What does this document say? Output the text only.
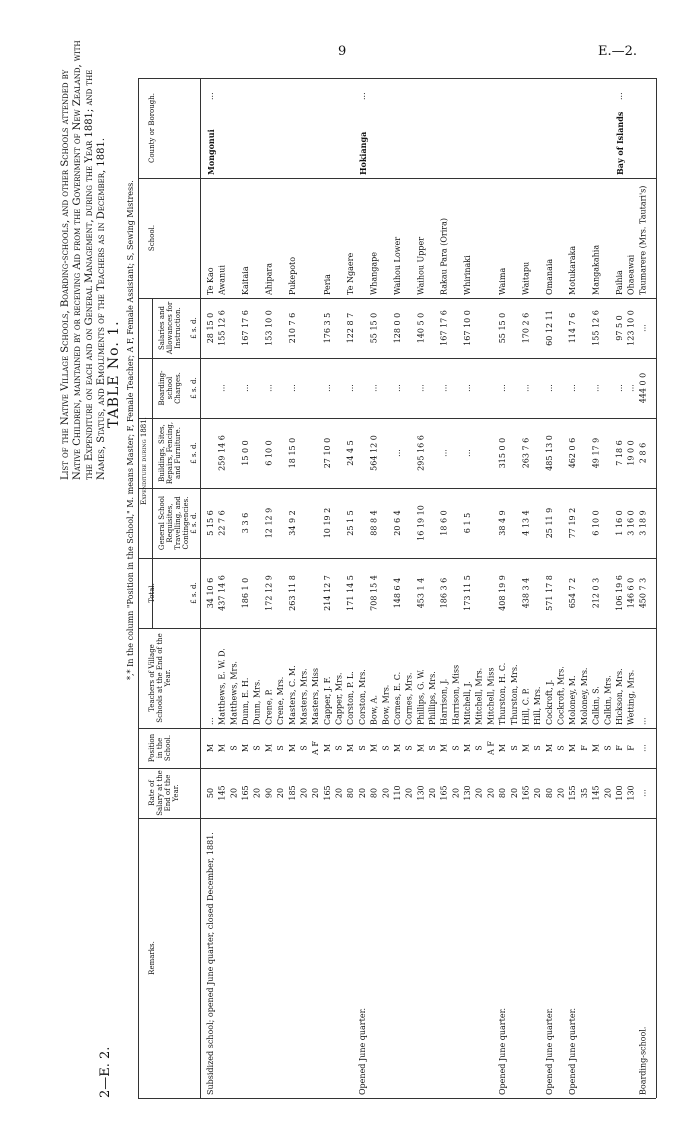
9	E.—2.
List of the Native Village Schools, Boarding-schools, and other Schools attended by Native Children, maintained by or receiving Aid from the Government of New Zealand, with the Expenditure on each and on General Management, during the Year 1881; and the Names, Status, and Emoluments of the Teachers as in December, 1881. TABLE No. 1. *,* In the column "Position in the School," M. means Master; F, Female Teacher; A F, Female Assistant; S, Sewing Mistress.
2—E. 2.
Te Kao
28 15 0
5 15 6
34 10 6
...
M
50
Subsidized school; opened June quarter, closed December, 1881.
Mongonui
...
Awanui
155 12 6
...
259 14 6
22 7 6
437 14 6
Matthews, E. W. D.
M
145
Matthews, Mrs.
S
20
Kaitaia
167 17 6
...
15 0 0
3 3 6
186 1 0
Dunn, E. H.
M
165
Dunn, Mrs.
S
20
Ahipara
153 10 0
...
6 10 0
12 12 9
172 12 9
Crene, P.
M
90
Crene, Mrs.
S
20
Pukepoto
210 7 6
...
18 15 0
34 9 2
263 11 8
Masters, C. M.
M
185
Masters, Mrs.
S
20
Masters, Miss
A F
20
Peria
176 3 5
...
27 10 0
10 19 2
214 12 7
Capper, J. F.
M
165
Capper, Mrs.
S
20
Te Ngaere
122 8 7
...
24 4 5
25 1 5
171 14 5
Corston, P. L.
M
80
Corston, Mrs.
S
20
Opened June quarter.
Hokianga
...
Whangape
55 15 0
...
564 12 0
88 8 4
708 15 4
Bow, A.
M
80
Bow, Mrs.
S
20
Waihou Lower
128 0 0
...
...
20 6 4
148 6 4
Cornes, E. C.
M
110
Cornes, Mrs.
S
20
Waihou Upper
140 5 0
...
295 16 6
16 19 10
453 1 4
Phillips, G. W.
M
130
Phillips, Mrs.
S
20
Rakau Para (Orira)
167 17 6
...
...
18 6 0
186 3 6
Harrison, J.
M
165
Harrison, Miss
S
20
Whirinaki
167 10 0
...
...
6 1 5
173 11 5
Mitchell, J.
M
130
Mitchell, Mrs.
S
20
Mitchell, Miss
A F
20
Waima
55 15 0
...
315 0 0
38 4 9
408 19 9
Thurston, H. C.
M
80
Opened June quarter.
Thurston, Mrs.
S
20
Waitapu
170 2 6
...
263 7 6
4 13 4
438 3 4
Hill, C. P.
M
165
Hill, Mrs.
S
20
Omanaia
60 12 11
...
485 13 0
25 11 9
571 17 8
Cockroft, J.
M
80
Opened June quarter.
Cockroft, Mrs.
S
20
Motukaraka
114 7 6
...
462 0 6
77 19 2
654 7 2
Moloney, M.
M
155
Opened June quarter.
Moloney, Mrs.
F
35
Mangakahia
155 12 6
...
49 17 9
6 10 0
212 0 3
Calkin, S.
M
145
Calkin, Mrs.
S
20
Paihia
97 5 0
...
7 18 6
1 16 0
106 19 6
Hickson, Mrs.
F
100
Bay of Islands
...
Ohaeawai
123 10 0
...
19 0 0
3 16 0
146 6 0
Wetting, Mrs.
F
130
Taumarere (Mrs. Tautari's)
...
444 0 0
2 8 6
3 18 9
450 7 3
...
...
...
Boarding-school.
County or Borough.
School.
Salaries and Allowances for Instruction. £ s. d.
Boarding-school Charges. £ s. d.
Buildings, Sites, Repairs, Fencing, and Furniture. £ s. d.
General School Requisites, Travelling, and Contingencies. £ s. d.
Total.	£ s. d.
Teachers of Village Schools at the End of the Year.
Position in the School.
Rate of Salary at the End of the Year.
Remarks.
Expenditure during 1881.
